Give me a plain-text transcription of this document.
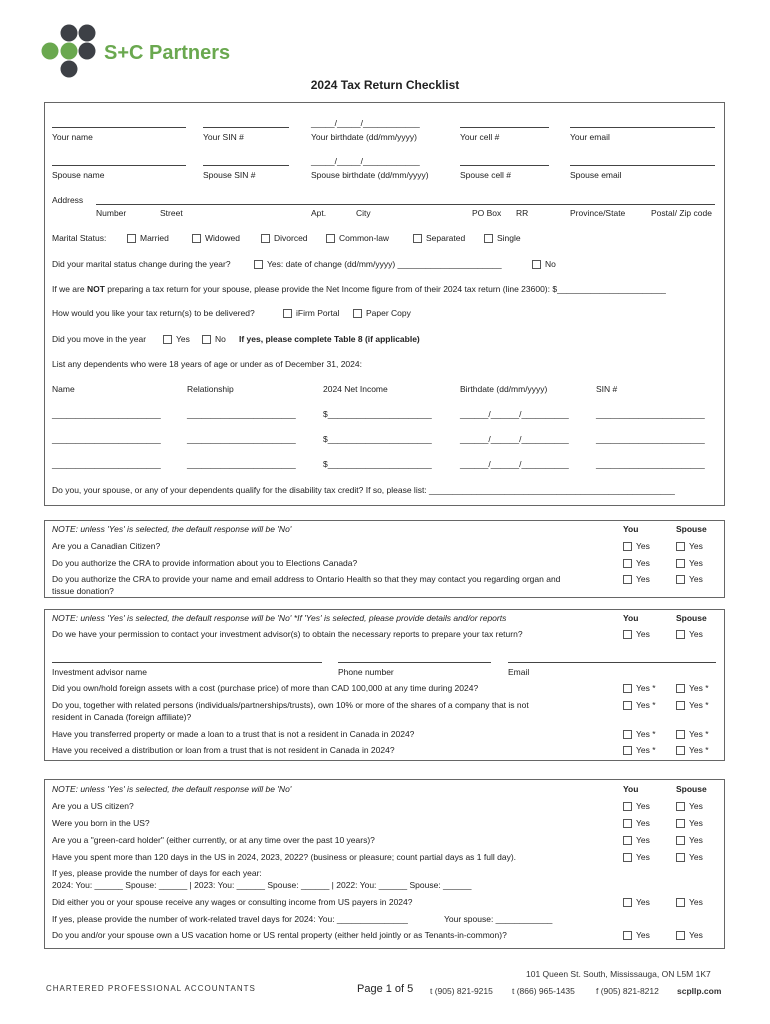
S+C Partners
2024 Tax Return Checklist
_____/_____/____________
Your name	Your SIN #	Your birthdate (dd/mm/yyyy)	Your cell #	Your email
_____/_____/____________
Spouse name	Spouse SIN #	Spouse birthdate (dd/mm/yyyy)	Spouse cell #	Spouse email
Address
Number	Street	Apt.	City	PO Box RR	Province/State	Postal/ Zip code
Marital Status:	Married	Widowed	Divorced	Common-law	Separated	Single
Did your marital status change during the year?	Yes: date of change (dd/mm/yyyy) ______________________	No
If we are NOT preparing a tax return for your spouse, please provide the Net Income figure from of their 2024 tax return (line 23600): $_______________________
How would you like your tax return(s) to be delivered?	iFirm Portal	Paper Copy
Did you move in the year	Yes	No If yes, please complete Table 8 (if applicable)
List any dependents who were 18 years of age or under as of December 31, 2024:
Name	Relationship	2024 Net Income	Birthdate (dd/mm/yyyy)	SIN #
_______________________	_______________________	$______________________	______/______/__________	_______________________
_______________________	_______________________	$______________________	______/______/__________	_______________________
_______________________	_______________________	$______________________	______/______/__________	_______________________
Do you, your spouse, or any of your dependents qualify for the disability tax credit? If so, please list: ____________________________________________________
NOTE: unless 'Yes' is selected, the default response will be 'No'	You	Spouse
Are you a Canadian Citizen?	Yes	Yes
Do you authorize the CRA to provide information about you to Elections Canada?	Yes	Yes
Do you authorize the CRA to provide your name and email address to Ontario Health so that they may contact you regarding organ and
tissue donation?
Yes	Yes
NOTE: unless 'Yes' is selected, the default response will be 'No' *If 'Yes' is selected, please provide details and/or reports	You	Spouse
Do we have your permission to contact your investment advisor(s) to obtain the necessary reports to prepare your tax return?	Yes	Yes
Investment advisor name	Phone number	Email
Did you own/hold foreign assets with a cost (purchase price) of more than CAD 100,000 at any time during 2024?	Yes *	Yes *
Do you, together with related persons (individuals/partnerships/trusts), own 10% or more of the shares of a company that is not
resident in Canada (foreign affiliate)?
Yes *	Yes *
Have you transferred property or made a loan to a trust that is not a resident in Canada in 2024?	Yes *	Yes *
Have you received a distribution or loan from a trust that is not resident in Canada in 2024?	Yes *	Yes *
NOTE: unless 'Yes' is selected, the default response will be 'No'	You	Spouse
Are you a US citizen?	Yes	Yes
Were you born in the US?	Yes	Yes
Are you a "green-card holder" (either currently, or at any time over the past 10 years)?	Yes	Yes
Have you spent more than 120 days in the US in 2024, 2023, 2022? (business or pleasure; count partial days as 1 full day).	Yes	Yes
If yes, please provide the number of days for each year:
2024: You: ______ Spouse: ______ | 2023: You: ______ Spouse: ______ | 2022: You: ______ Spouse: ______
Did either you or your spouse receive any wages or consulting income from US payers in 2024?	Yes	Yes
If yes, please provide the number of work-related travel days for 2024: You: _______________	Your spouse: ____________
Do you and/or your spouse own a US vacation home or US rental property (either held jointly or as Tenants-in-common)?	Yes	Yes
CHARTERED PROFESSIONAL ACCOUNTANTS	Page 1 of 5
101 Queen St. South, Mississauga, ON L5M 1K7
t (905) 821-9215 t (866) 965-1435 f (905) 821-8212 scpllp.com
